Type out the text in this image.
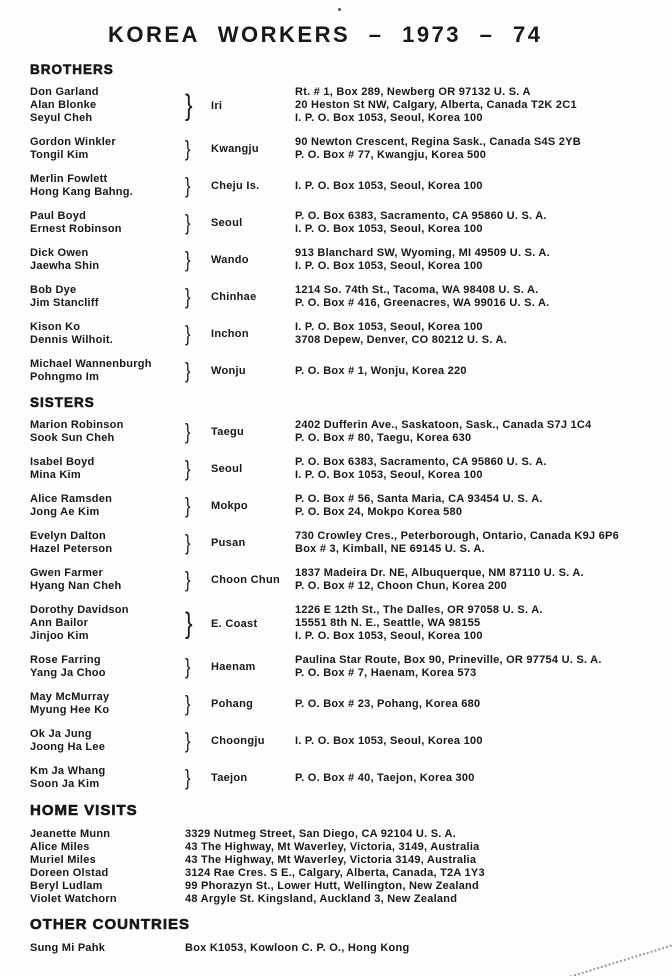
KOREA WORKERS – 1973 – 74
BROTHERS
Don Garland
Alan Blonke
Seyul Cheh	}	Iri
Rt. # 1, Box 289, Newberg OR 97132 U. S. A
20 Heston St NW, Calgary, Alberta, Canada T2K 2C1
I. P. O. Box 1053, Seoul, Korea 100
Gordon Winkler
Tongil Kim	}	Kwangju
90 Newton Crescent, Regina Sask., Canada S4S 2YB
P. O. Box # 77, Kwangju, Korea 500
Merlin Fowlett
Hong Kang Bahng.	}	Cheju Is.	I. P. O. Box 1053, Seoul, Korea 100
Paul Boyd
Ernest Robinson	}	Seoul
P. O. Box 6383, Sacramento, CA 95860 U. S. A.
I. P. O. Box 1053, Seoul, Korea 100
Dick Owen
Jaewha Shin	}	Wando
913 Blanchard SW, Wyoming, MI 49509 U. S. A.
I. P. O. Box 1053, Seoul, Korea 100
Bob Dye
Jim Stancliff	}	Chinhae
1214 So. 74th St., Tacoma, WA 98408 U. S. A.
P. O. Box # 416, Greenacres, WA 99016 U. S. A.
Kison Ko
Dennis Wilhoit.	}	Inchon
I. P. O. Box 1053, Seoul, Korea 100
3708 Depew, Denver, CO 80212 U. S. A.
Michael Wannenburgh
Pohngmo Im	}	Wonju	P. O. Box # 1, Wonju, Korea 220
SISTERS
Marion Robinson
Sook Sun Cheh	}	Taegu
2402 Dufferin Ave., Saskatoon, Sask., Canada S7J 1C4
P. O. Box # 80, Taegu, Korea 630
Isabel Boyd
Mina Kim	}	Seoul
P. O. Box 6383, Sacramento, CA 95860 U. S. A.
I. P. O. Box 1053, Seoul, Korea 100
Alice Ramsden
Jong Ae Kim	}	Mokpo
P. O. Box # 56, Santa Maria, CA 93454 U. S. A.
P. O. Box 24, Mokpo Korea 580
Evelyn Dalton
Hazel Peterson	}	Pusan
730 Crowley Cres., Peterborough, Ontario, Canada K9J 6P6
Box # 3, Kimball, NE 69145 U. S. A.
Gwen Farmer
Hyang Nan Cheh	}	Choon Chun
1837 Madeira Dr. NE, Albuquerque, NM 87110 U. S. A.
P. O. Box # 12, Choon Chun, Korea 200
Dorothy Davidson
Ann Bailor
Jinjoo Kim	}	E. Coast
1226 E 12th St., The Dalles, OR 97058 U. S. A.
15551 8th N. E., Seattle, WA 98155
I. P. O. Box 1053, Seoul, Korea 100
Rose Farring
Yang Ja Choo	}	Haenam
Paulina Star Route, Box 90, Prineville, OR 97754 U. S. A.
P. O. Box # 7, Haenam, Korea 573
May McMurray
Myung Hee Ko	}	Pohang	P. O. Box # 23, Pohang, Korea 680
Ok Ja Jung
Joong Ha Lee	}	Choongju	I. P. O. Box 1053, Seoul, Korea 100
Km Ja Whang
Soon Ja Kim	}	Taejon	P. O. Box # 40, Taejon, Korea 300
HOME VISITS
Jeanette Munn	3329 Nutmeg Street, San Diego, CA 92104 U. S. A.
Alice Miles	43 The Highway, Mt Waverley, Victoria, 3149, Australia
Muriel Miles	43 The Highway, Mt Waverley, Victoria 3149, Australia
Doreen Olstad	3124 Rae Cres. S E., Calgary, Alberta, Canada, T2A 1Y3
Beryl Ludlam	99 Phorazyn St., Lower Hutt, Wellington, New Zealand
Violet Watchorn	48 Argyle St. Kingsland, Auckland 3, New Zealand
OTHER COUNTRIES
Sung Mi Pahk	Box K1053, Kowloon C. P. O., Hong Kong
